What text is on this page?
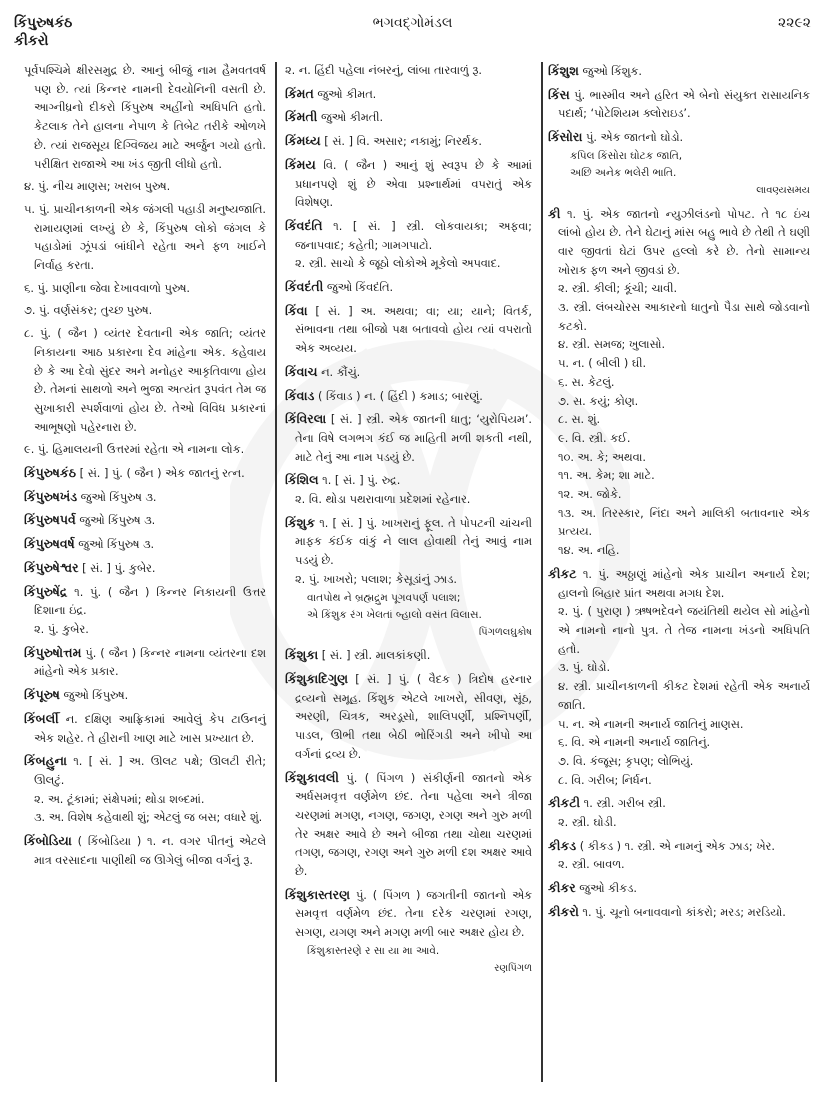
કિંપુરુષકંઠ
કીકરો
ભગવદ્ગોમંડલ	૨૨૯૨
પૂર્વપશ્ચિમે ક્ષીરસમુદ્ર છે. આનું બીજું નામ હૈમવતવર્ષ પણ છે. ત્યાં કિન્નર નામની દેવયોનિની વસતી છે. આગ્નીધ્રનો દીકરો કિંપુરુષ અહીંનો અધિપતિ હતો. કેટલાક તેને હાલના નેપાળ કે તિબેટ તરીકે ઓળખે છે. ત્યાં રાજસૂય દિગ્વિજય માટે અર્જુન ગયો હતો. પરીક્ષિત રાજાએ આ ખંડ જીતી લીધો હતો.
૪. પું. નીચ માણસ; ખરાબ પુરુષ.
૫. પું. પ્રાચીનકાળની એક જંગલી પહાડી મનુષ્યજાતિ. રામાયણમાં લખ્યું છે કે, કિંપુરુષ લોકો જંગલ કે પહાડોમાં ઝૂંપડાં બાંધીને રહેતા અને ફળ ખાઈને નિર્વાહ કરતા.
૬. પું. પ્રાણીના જેવા દેખાવવાળો પુરુષ.
૭. પું. વર્ણસંકર; તુચ્છ પુરુષ.
૮. પું. ( જૈન ) વ્યંતર દેવતાની એક જાતિ; વ્યંતર નિકાયના આઠ પ્રકારના દેવ માંહેના એક. કહેવાય છે કે આ દેવો સુંદર અને મનોહર આકૃતિવાળા હોય છે. તેમનાં સાથળો અને ભુજા અત્યંત રૂપવંત તેમ જ સુખાકારી સ્પર્શવાળાં હોય છે. તેઓ વિવિધ પ્રકારનાં આભૂષણો પહેરનારા છે.
૯. પું. હિમાલયની ઉત્તરમાં રહેતા એ નામના લોક.
કિંપુરુષકંઠ [ સં. ] પું. ( જૈન ) એક જાતનું રત્ન.
કિંપુરુષખંડ જુઓ કિંપુરુષ ૩.
કિંપુરુષપર્વ જુઓ કિંપુરુષ ૩.
કિંપુરુષવર્ષ જુઓ કિંપુરુષ ૩.
કિંપુરુષેશ્વર [ સં. ] પું. કુબેર.
કિંપુરુષેંદ્ર ૧. પું. ( જૈન ) કિન્નર નિકાયની ઉત્તર દિશાના ઇંદ્ર.
૨. પું. કુબેર.
કિંપુરુષોત્તમ પું. ( જૈન ) કિન્નર નામના વ્યંતરના દશ માંહેનો એક પ્રકાર.
કિંપૂરુષ જુઓ કિંપુરુષ.
કિંબર્લી ન. દક્ષિણ આફ્રિકામાં આવેલું કેપ ટાઉનનું એક શહેર. તે હીરાની ખાણ માટે ખાસ પ્રખ્યાત છે.
કિંબહુના ૧. [ સં. ] અ. ઊલટ પક્ષે; ઊલટી રીતે; ઊલટું.
૨. અ. ટૂંકામાં; સંક્ષેપમાં; થોડા શબ્દમાં.
૩. અ. વિશેષ કહેવાથી શું; એટલું જ બસ; વધારે શું.
કિંબોડિયા ( કિંબોડિયા ) ૧. ન. વગર પીતનું એટલે માત્ર વરસાદના પાણીથી જ ઊગેલું બીજા વર્ગનું રૂ.
૨. ન. હિંદી પહેલા નંબરનું, લાંબા તારવાળું રૂ.
કિંમત જુઓ કીમત.
કિંમતી જુઓ કીમતી.
કિંમધ્ય [ સં. ] વિ. અસાર; નકામું; નિરર્થક.
કિંમય વિ. ( જૈન ) આનું શું સ્વરૂપ છે કે આમાં પ્રધાનપણે શું છે એવા પ્રશ્નાર્થમાં વપરાતું એક વિશેષણ.
કિંવદંતિ ૧. [ સં. ] સ્ત્રી. લોકવાયકા; અફવા; જનાપવાદ; કહેતી; ગામગપાટો.
૨. સ્ત્રી. સાચો કે જૂઠો લોકોએ મૂકેલો અપવાદ.
કિંવદંતી જુઓ કિંવદંતિ.
કિંવા [ સં. ] અ. અથવા; વા; યા; યાને; વિતર્ક, સંભાવના તથા બીજો પક્ષ બતાવવો હોય ત્યાં વપરાતો એક અવ્યય.
કિંવાચ ન. કૌંચું.
કિંવાડ ( કિંવાડ ) ન. ( હિંદી ) કમાડ; બારણું.
કિંવિરલા [ સં. ] સ્ત્રી. એક જાતની ધાતુ; ‘યુરોપિયમ’. તેના વિષે લગભગ કંઈ જ માહિતી મળી શકતી નથી, માટે તેનું આ નામ પડયું છે.
કિંશિલ ૧. [ સં. ] પું. રુદ્ર.
૨. વિ. થોડા પથરાવાળા પ્રદેશમાં રહેનાર.
કિંશુક ૧. [ સં. ] પું. ખાખરાનું ફૂલ. તે પોપટની ચાંચની માફક કંઈક વાંકું ને લાલ હોવાથી તેનું આવું નામ પડયું છે.
૨. પું. ખાખરો; પલાશ; કેસૂડાંનું ઝાડ.
વાતપોથ ને બ્રહ્મદ્રુમ પૂગવપર્ણ પલાશ;
એ કિંશુક રંગ ખેલતાં બ્હાલો વસંત વિલાસ.
પિંગળલઘુકોષ
કિંશુકા [ સં. ] સ્ત્રી. માલકાંકણી.
કિંશુકાદિગુણ [ સં. ] પું. ( વૈદક ) ત્રિદોષ હરનાર દ્રવ્યનો સમૂહ. કિંશુક એટલે ખાખરો, સીવણ, સૂંઠ, અરણી, ચિત્રક, અરડૂસો, શાલિપર્ણી, પ્રશ્નિપર્ણી, પાડલ, ઊભી તથા બેઠી ભોરિંગડી અને ખીપો આ વર્ગનાં દ્રવ્ય છે.
કિંશુકાવલી પું. ( પિંગળ ) સંકીર્ણની જાતનો એક અર્ધસમવૃત્ત વર્ણમેળ છંદ. તેના પહેલા અને ત્રીજા ચરણમાં મગણ, નગણ, જગણ, રગણ અને ગુરુ મળી તેર અક્ષર આવે છે અને બીજા તથા ચોથા ચરણમાં તગણ, જગણ, રગણ અને ગુરુ મળી દશ અક્ષર આવે છે.
કિંશુકાસ્તરણ પું. ( પિંગળ ) જગતીની જાતનો એક સમવૃત્ત વર્ણમેળ છંદ. તેના દરેક ચરણમાં રગણ, સગણ, યગણ અને મગણ મળી બાર અક્ષર હોય છે.
કિંશુકાસ્તરણે ર સા યા મા આવે.
રણપિંગળ
કિંશુશ જુઓ કિંશુક.
કિંસ પું. ભાસ્મીવ અને હરિત એ બેનો સંયુક્ત રાસાયનિક પદાર્થ; ‘પોટેશિયમ ક્લોરાઇડ’.
કિંસોરા પું. એક જાતનો ઘોડો.
કપિલ કિંસોરા ઘોટક જાતિ,
અછિ અનેક ભલેરી ભાતિ.
લાવણ્યસમય
કી ૧. પું. એક જાતનો ન્યુઝીલંડનો પોપટ. તે ૧૮ ઇંચ લાંબો હોય છે. તેને ઘેટાનું માંસ બહુ ભાવે છે તેથી તે ઘણી વાર જીવતાં ઘેટાં ઉપર હલ્લો કરે છે. તેનો સામાન્ય ખોરાક ફળ અને જીવડાં છે.
૨. સ્ત્રી. કીલી; કૂંચી; ચાવી.
૩. સ્ત્રી. લંબચોરસ આકારનો ધાતુનો પૈડા સાથે જોડવાનો કટકો.
૪. સ્ત્રી. સમજ; ખુલાસો.
૫. ન. ( બીલી ) ઘી.
૬. સ. કેટલું.
૭. સ. કયું; કોણ.
૮. સ. શું.
૯. વિ. સ્ત્રી. કઈ.
૧૦. અ. કે; અથવા.
૧૧. અ. કેમ; શા માટે.
૧૨. અ. જોકે.
૧૩. અ. તિરસ્કાર, નિંદા અને માલિકી બતાવનાર એક પ્રત્યય.
૧૪. અ. નહિ.
કીકટ ૧. પું. અઠ્ઠાણું માંહેનો એક પ્રાચીન અનાર્ય દેશ; હાલનો બિહાર પ્રાંત અથવા મગધ દેશ.
૨. પું. ( પુરાણ ) ઋષભદેવને જયંતિથી થયેલ સો માંહેનો એ નામનો નાનો પુત્ર. તે તેજ નામના ખંડનો અધિપતિ હતો.
૩. પું. ઘોડો.
૪. સ્ત્રી. પ્રાચીનકાળની કીકટ દેશમાં રહેતી એક અનાર્ય જાતિ.
૫. ન. એ નામની અનાર્ય જાતિનું માણસ.
૬. વિ. એ નામની અનાર્ય જાતિનું.
૭. વિ. કંજૂસ; કૃપણ; લોભિયું.
૮. વિ. ગરીબ; નિર્ધન.
કીકટી ૧. સ્ત્રી. ગરીબ સ્ત્રી.
૨. સ્ત્રી. ઘોડી.
કીકડ ( કીકડ ) ૧. સ્ત્રી. એ નામનું એક ઝાડ; ખેર.
૨. સ્ત્રી. બાવળ.
કીકર જુઓ કીકડ.
કીકરો ૧. પું. ચૂનો બનાવવાનો કાંકરો; મરડ; મરડિયો.
